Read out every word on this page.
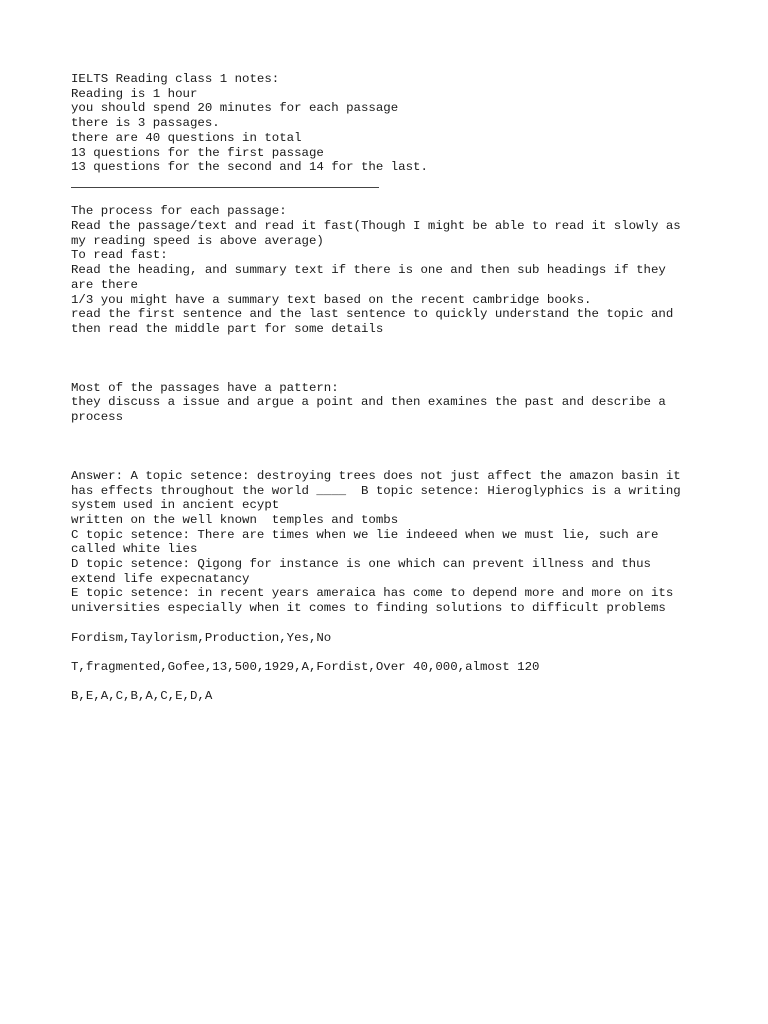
IELTS Reading class 1 notes:
Reading is 1 hour
you should spend 20 minutes for each passage
there is 3 passages.
there are 40 questions in total
13 questions for the first passage
13 questions for the second and 14 for the last.
The process for each passage:
Read the passage/text and read it fast(Though I might be able to read it slowly as
my reading speed is above average)
To read fast:
Read the heading, and summary text if there is one and then sub headings if they
are there
1/3 you might have a summary text based on the recent cambridge books.
read the first sentence and the last sentence to quickly understand the topic and
then read the middle part for some details
Most of the passages have a pattern:
they discuss a issue and argue a point and then examines the past and describe a
process
Answer: A topic setence: destroying trees does not just affect the amazon basin it
has effects throughout the world ____  B topic setence: Hieroglyphics is a writing
system used in ancient ecypt
written on the well known  temples and tombs
C topic setence: There are times when we lie indeeed when we must lie, such are
called white lies
D topic setence: Qigong for instance is one which can prevent illness and thus
extend life expecnatancy
E topic setence: in recent years ameraica has come to depend more and more on its
universities especially when it comes to finding solutions to difficult problems
Fordism,Taylorism,Production,Yes,No
T,fragmented,Gofee,13,500,1929,A,Fordist,Over 40,000,almost 120
B,E,A,C,B,A,C,E,D,A
